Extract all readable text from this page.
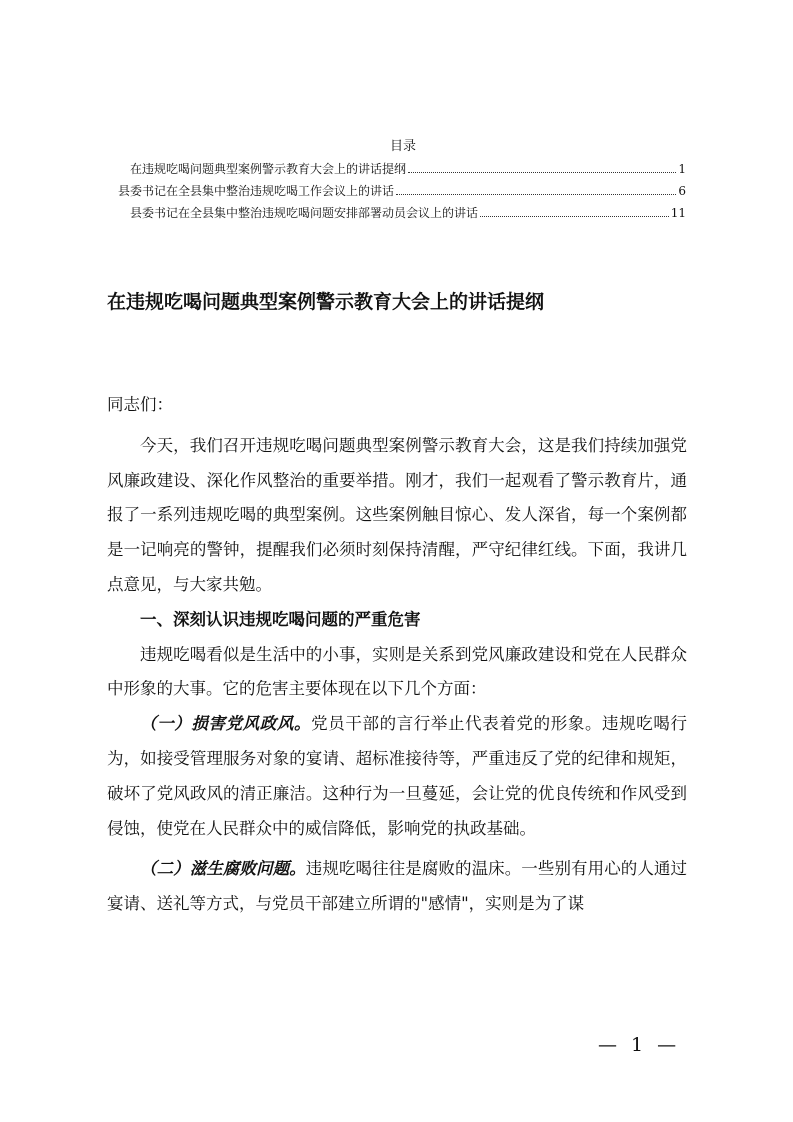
目录
在违规吃喝问题典型案例警示教育大会上的讲话提纲	1
县委书记在全县集中整治违规吃喝工作会议上的讲话	6
县委书记在全县集中整治违规吃喝问题安排部署动员会议上的讲话	11
在违规吃喝问题典型案例警示教育大会上的讲话提纲

同志们：

今天，我们召开违规吃喝问题典型案例警示教育大会，这是我们持续加强党风廉政建设、深化作风整治的重要举措。刚才，我们一起观看了警示教育片，通报了一系列违规吃喝的典型案例。这些案例触目惊心、发人深省，每一个案例都是一记响亮的警钟，提醒我们必须时刻保持清醒，严守纪律红线。下面，我讲几点意见，与大家共勉。

一、深刻认识违规吃喝问题的严重危害

违规吃喝看似是生活中的小事，实则是关系到党风廉政建设和党在人民群众中形象的大事。它的危害主要体现在以下几个方面：

（一）损害党风政风。党员干部的言行举止代表着党的形象。违规吃喝行为，如接受管理服务对象的宴请、超标准接待等，严重违反了党的纪律和规矩，破坏了党风政风的清正廉洁。这种行为一旦蔓延，会让党的优良传统和作风受到侵蚀，使党在人民群众中的威信降低，影响党的执政基础。

（二）滋生腐败问题。违规吃喝往往是腐败的温床。一些别有用心的人通过宴请、送礼等方式，与党员干部建立所谓的"感情"，实则是为了谋

— 1 —
